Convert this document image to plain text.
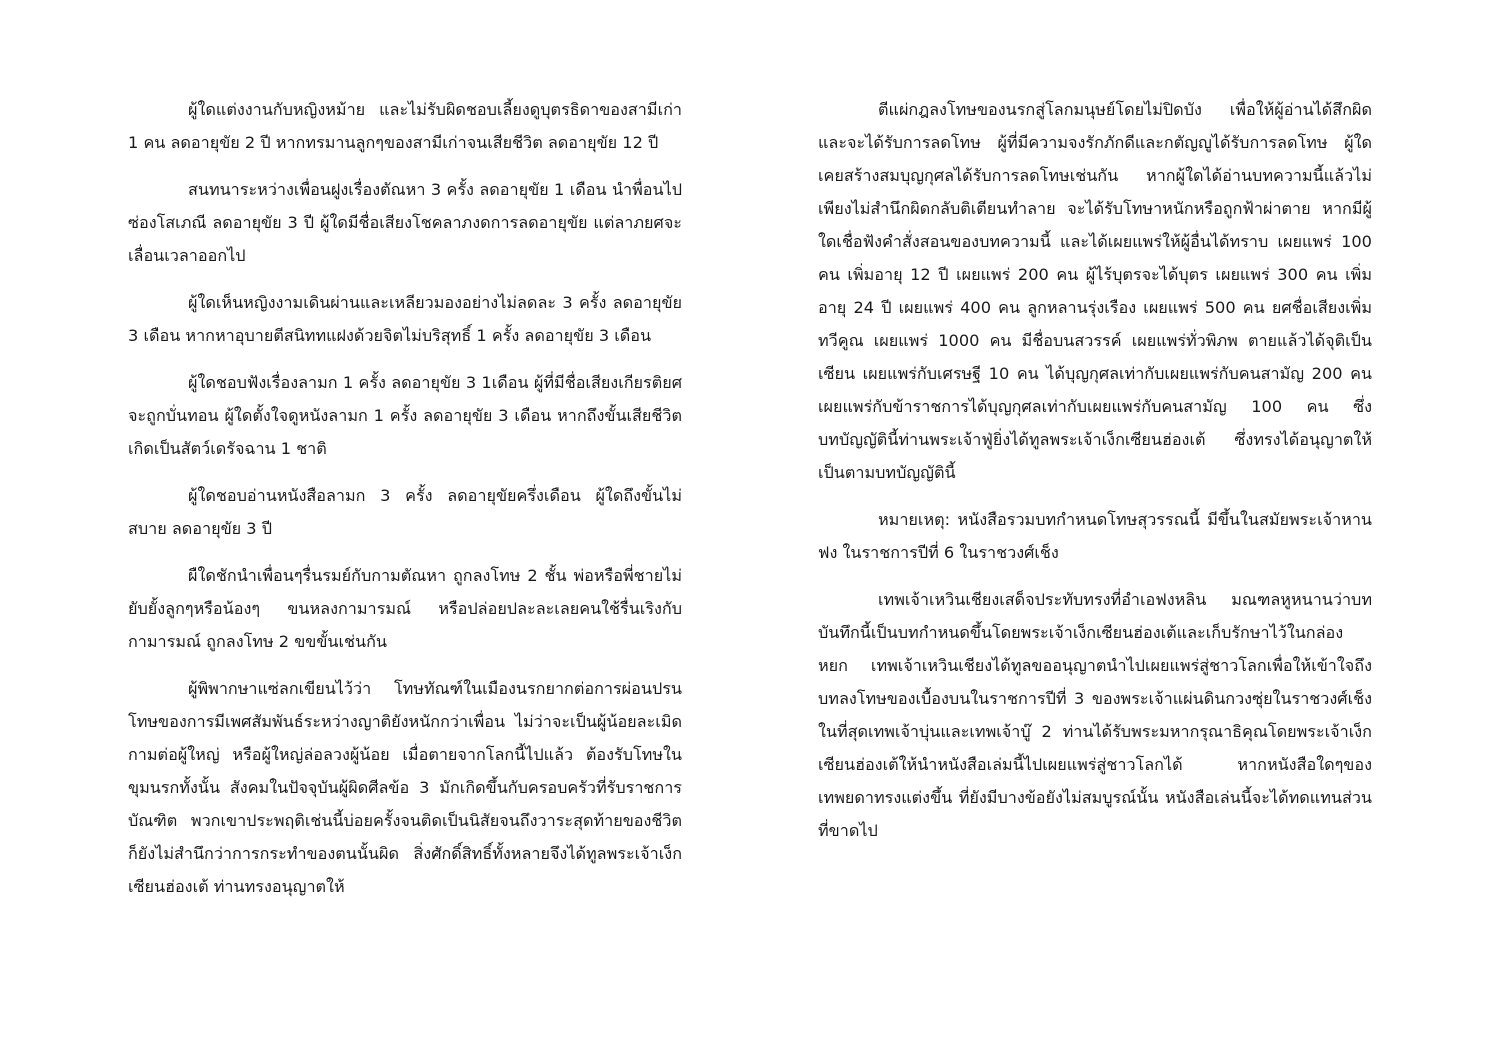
ผู้ใดแต่งงานกับหญิงหม้าย และไม่รับผิดชอบเลี้ยงดูบุตรธิดาของสามีเก่า 1 คน ลดอายุขัย 2 ปี หากทรมานลูกๆของสามีเก่าจนเสียชีวิต ลดอายุขัย 12 ปี

สนทนาระหว่างเพื่อนฝูงเรื่องตัณหา 3 ครั้ง ลดอายุขัย 1 เดือน นำพื่อนไปซ่องโสเภณี ลดอายุขัย 3 ปี ผู้ใดมีชื่อเสียงโชคลาภงดการลดอายุขัย แต่ลาภยศจะเลื่อนเวลาออกไป

ผู้ใดเห็นหญิงงามเดินผ่านและเหลียวมองอย่างไม่ลดละ 3 ครั้ง ลดอายุขัย 3 เดือน หากหาอุบายตีสนิททแฝงด้วยจิตไม่บริสุทธิ์ 1 ครั้ง ลดอายุขัย 3 เดือน

ผู้ใดชอบฟังเรื่องลามก 1 ครั้ง ลดอายุขัย 3 1เดือน ผู้ที่มีชื่อเสียงเกียรติยศ จะถูกบั่นทอน ผู้ใดตั้งใจดูหนังลามก 1 ครั้ง ลดอายุขัย 3 เดือน หากถึงขั้นเสียชีวิต เกิดเป็นสัตว์เดรัจฉาน 1 ชาติ

ผู้ใดชอบอ่านหนังสือลามก 3 ครั้ง ลดอายุขัยครึ่งเดือน ผู้ใดถึงขั้นไม่สบาย ลดอายุขัย 3 ปี

ผืใดชักนำเพื่อนๆรื่นรมย์กับกามตัณหา ถูกลงโทษ 2 ชั้น พ่อหรือพี่ชายไม่ยับยั้งลูกๆหรือน้องๆ ขนหลงกามารมณ์ หรือปล่อยปละละเลยคนใช้รื่นเริงกับกามารมณ์ ถูกลงโทษ 2 ขขขั้นเช่นกัน

ผู้พิพากษาแซ่ลกเขียนไว้ว่า โทษทัณฑ์ในเมืองนรกยากต่อการผ่อนปรน โทษของการมีเพศสัมพันธ์ระหว่างญาติยังหนักกว่าเพื่อน ไม่ว่าจะเป็นผู้น้อยละเมิดกามต่อผู้ใหญ่ หรือผู้ใหญ่ล่อลวงผู้น้อย เมื่อตายจากโลกนี้ไปแล้ว ต้องรับโทษในขุมนรกทั้งนั้น สังคมในปัจจุบันผู้ผิดศีลข้อ 3 มักเกิดขึ้นกับครอบครัวที่รับราชการ บัณฑิต พวกเขาประพฤติเช่นนี้บ่อยครั้งจนติดเป็นนิสัยจนถึงวาระสุดท้ายของชีวิต ก็ยังไม่สำนึกว่าการกระทำของตนนั้นผิด สิ่งศักดิ์สิทธิ์ทั้งหลายจึงได้ทูลพระเจ้าเง็กเซียนฮ่องเต้ ท่านทรงอนุญาตให้

ตีแผ่กฎลงโทษของนรกสู่โลกมนุษย์โดยไม่ปิดบัง เพื่อให้ผู้อ่านได้สึกผิดและจะได้รับการลดโทษ ผู้ที่มีความจงรักภักดีและกตัญญูได้รับการลดโทษ ผู้ใดเคยสร้างสมบุญกุศลได้รับการลดโทษเช่นกัน หากผู้ใดได้อ่านบทความนี้แล้วไม่เพียงไม่สำนึกผิดกลับติเตียนทำลาย จะได้รับโทษาหนักหรือถูกฟ้าผ่าตาย หากมีผู้ใดเชื่อฟังคำสั่งสอนของบทความนี้ และได้เผยแพร่ให้ผู้อื่นได้ทราบ เผยแพร่ 100 คน เพิ่มอายุ 12 ปี เผยแพร่ 200 คน ผู้ไร้บุตรจะได้บุตร เผยแพร่ 300 คน เพิ่มอายุ 24 ปี เผยแพร่ 400 คน ลูกหลานรุ่งเรือง เผยแพร่ 500 คน ยศชื่อเสียงเพิ่มทวีคูณ เผยแพร่ 1000 คน มีชื่อบนสวรรค์ เผยแพร่ทั่วพิภพ ตายแล้วได้จุติเป็นเซียน เผยแพร่กับเศรษฐี 10 คน ได้บุญกุศลเท่ากับเผยแพร่กับคนสามัญ 200 คน เผยแพร่กับข้าราชการได้บุญกุศลเท่ากับเผยแพร่กับคนสามัญ 100 คน ซึ่งบทบัญญัตินี้ท่านพระเจ้าฟู่ยิ่งได้ทูลพระเจ้าเง็กเซียนฮ่องเต้ ซึ่งทรงได้อนุญาตให้เป็นตามบทบัญญัตินี้

หมายเหตุ: หนังสือรวมบทกำหนดโทษสุวรรณนี้ มีขึ้นในสมัยพระเจ้าหานฟง ในราชการปีที่ 6 ในราชวงศ์เช็ง

เทพเจ้าเหวินเชียงเสด็จประทับทรงที่อำเอฟงหลิน มณฑลหูหนานว่าบทบันทึกนี้เป็นบทกำหนดขึ้นโดยพระเจ้าเง็กเซียนฮ่องเต้และเก็บรักษาไว้ในกล่องหยก เทพเจ้าเหวินเชียงได้ทูลขออนุญาตนำไปเผยแพร่สู่ชาวโลกเพื่อให้เข้าใจถึงบทลงโทษของเบื้องบนในราชการปีที่ 3 ของพระเจ้าแผ่นดินกวงซุ่ยในราชวงศ์เช็ง ในที่สุดเทพเจ้าบุ่นและเทพเจ้าบู๊ 2 ท่านได้รับพระมหากรุณาธิคุณโดยพระเจ้าเง็กเซียนฮ่องเต้ให้นำหนังสือเล่มนี้ไปเผยแพร่สู่ชาวโลกได้ หากหนังสือใดๆของเทพยดาทรงแต่งขึ้น ที่ยังมีบางข้อยังไม่สมบูรณ์นั้น หนังสือเล่นนี้จะได้ทดแทนส่วนที่ขาดไป
